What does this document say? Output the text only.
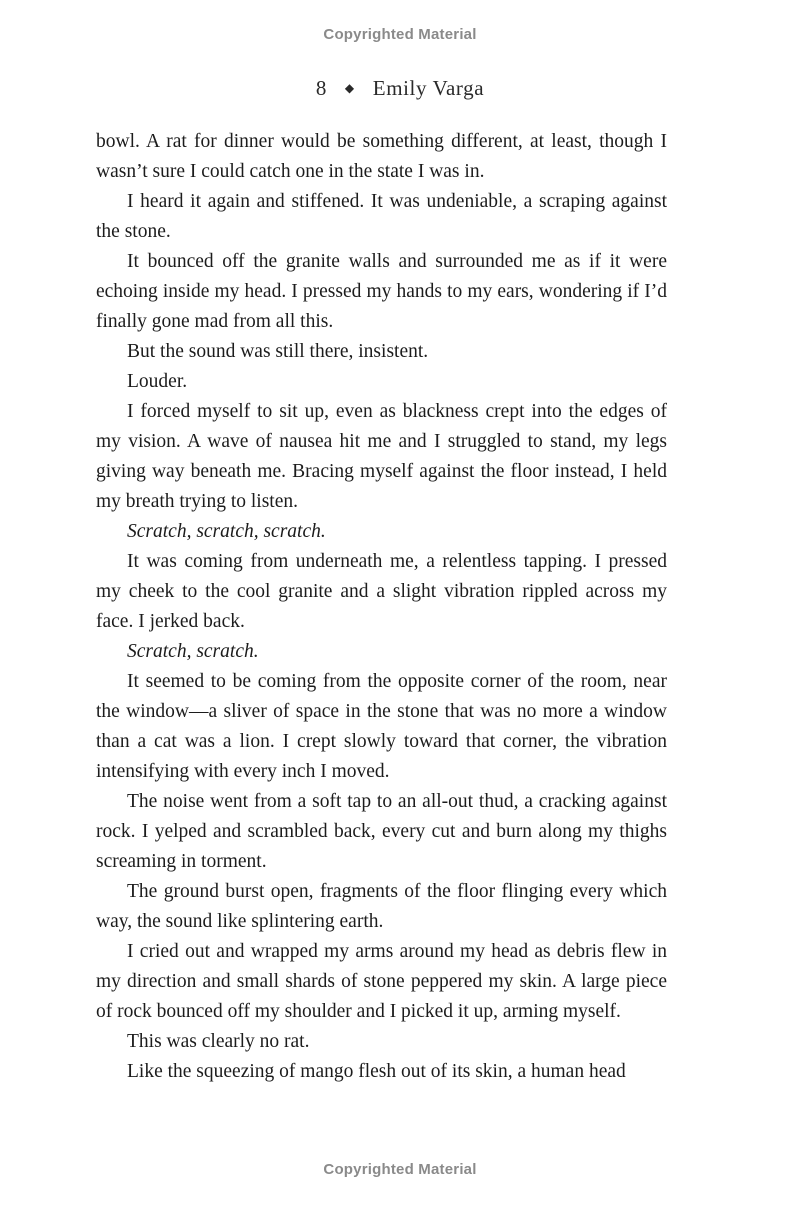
Copyrighted Material
8 ◆ Emily Varga

bowl. A rat for dinner would be something different, at least, though I wasn’t sure I could catch one in the state I was in.

I heard it again and stiffened. It was undeniable, a scraping against the stone.

It bounced off the granite walls and surrounded me as if it were echoing inside my head. I pressed my hands to my ears, wondering if I’d finally gone mad from all this.

But the sound was still there, insistent.

Louder.

I forced myself to sit up, even as blackness crept into the edges of my vision. A wave of nausea hit me and I struggled to stand, my legs giving way beneath me. Bracing myself against the floor instead, I held my breath trying to listen.

Scratch, scratch, scratch.

It was coming from underneath me, a relentless tapping. I pressed my cheek to the cool granite and a slight vibration rippled across my face. I jerked back.

Scratch, scratch.

It seemed to be coming from the opposite corner of the room, near the window—a sliver of space in the stone that was no more a window than a cat was a lion. I crept slowly toward that corner, the vibration intensifying with every inch I moved.

The noise went from a soft tap to an all-out thud, a cracking against rock. I yelped and scrambled back, every cut and burn along my thighs screaming in torment.

The ground burst open, fragments of the floor flinging every which way, the sound like splintering earth.

I cried out and wrapped my arms around my head as debris flew in my direction and small shards of stone peppered my skin. A large piece of rock bounced off my shoulder and I picked it up, arming myself.

This was clearly no rat.

Like the squeezing of mango flesh out of its skin, a human head

Copyrighted Material
